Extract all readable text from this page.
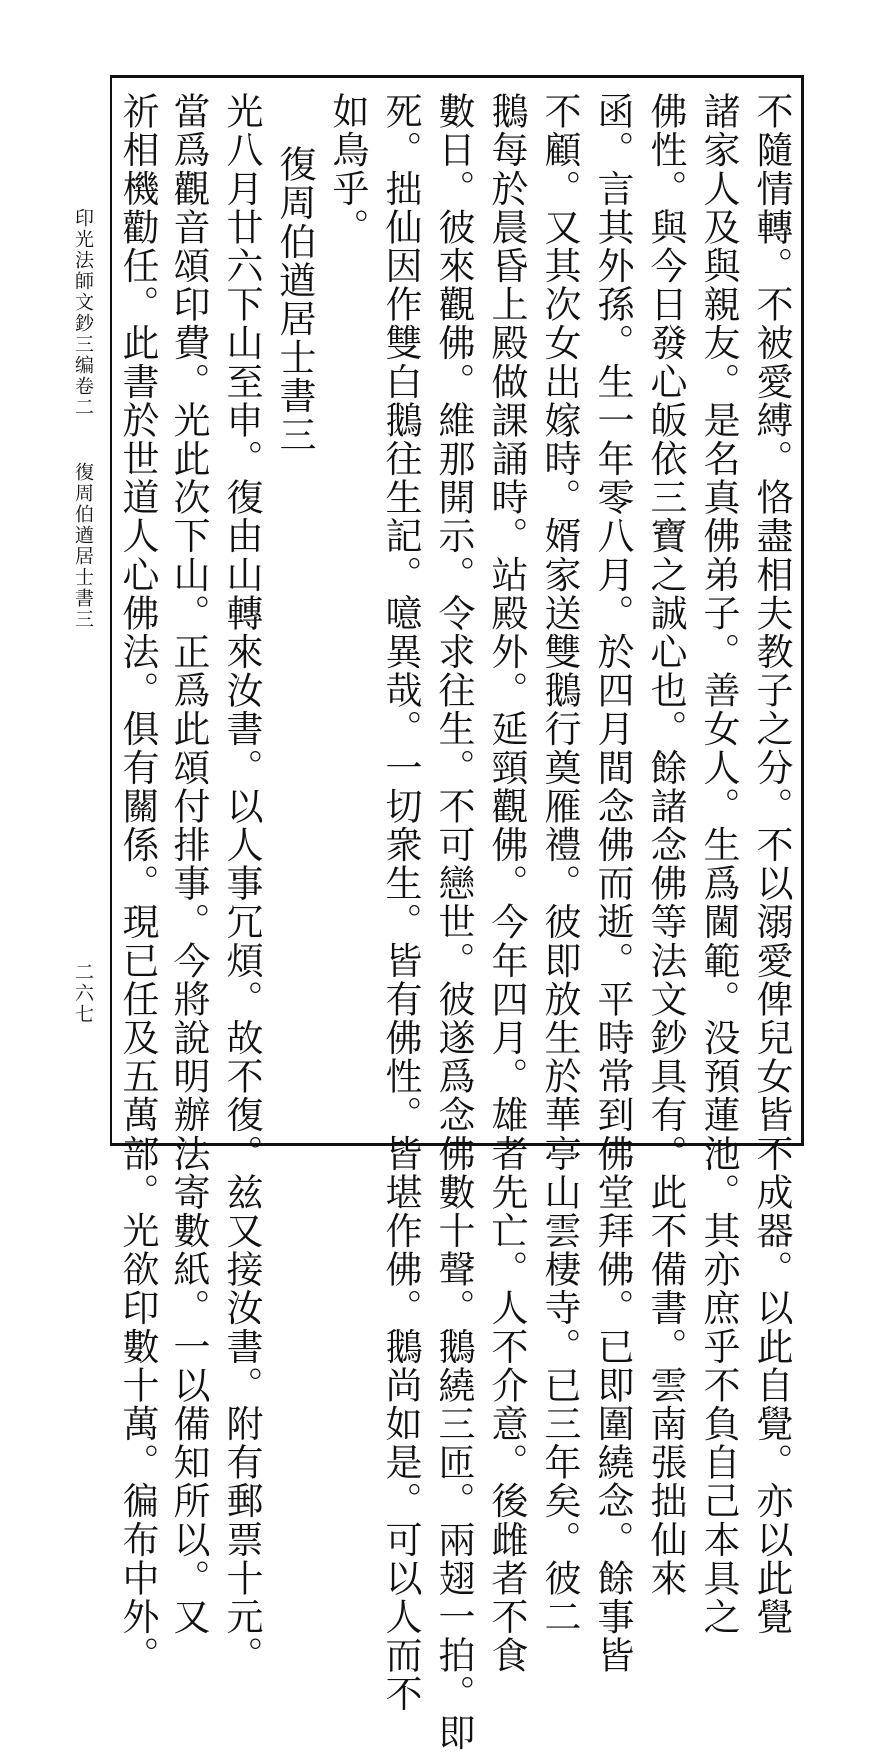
不隨情轉。不被愛縛。恪盡相夫教子之分。不以溺愛俾兒女皆不成器。以此自覺。亦以此覺
諸家人及與親友。是名真佛弟子。善女人。生爲閫範。没預蓮池。其亦庶乎不負自己本具之
佛性。與今日發心皈依三寶之誠心也。餘諸念佛等法文鈔具有。此不備書。雲南張拙仙來
函。言其外孫。生一年零八月。於四月間念佛而逝。平時常到佛堂拜佛。已即圍繞念。餘事皆
不顧。又其次女出嫁時。婿家送雙鵝行奠雁禮。彼即放生於華亭山雲棲寺。已三年矣。彼二
鵝每於晨昏上殿做課誦時。站殿外。延頸觀佛。今年四月。雄者先亡。人不介意。後雌者不食
數日。彼來觀佛。維那開示。令求往生。不可戀世。彼遂爲念佛數十聲。鵝繞三匝。兩翅一拍。即
死。拙仙因作雙白鵝往生記。噫異哉。一切衆生。皆有佛性。皆堪作佛。鵝尚如是。可以人而不
如鳥乎。
復周伯遒居士書三
光八月廿六下山至申。復由山轉來汝書。以人事冗煩。故不復。兹又接汝書。附有郵票十元。
當爲觀音頌印費。光此次下山。正爲此頌付排事。今將說明辦法寄數紙。一以備知所以。又
祈相機勸任。此書於世道人心佛法。俱有關係。現已任及五萬部。光欲印數十萬。徧布中外。
印光法師文鈔三编卷二
復周伯遒居士書三
二六七
